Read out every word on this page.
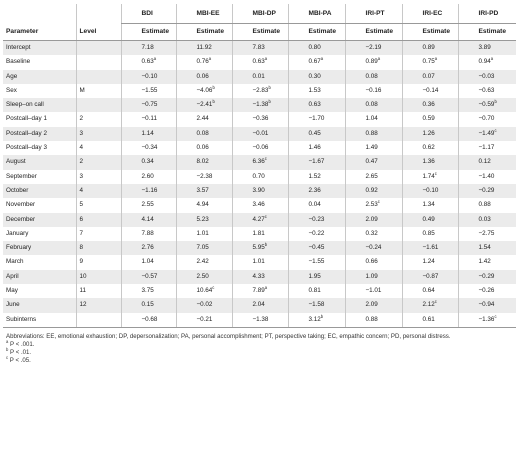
		BDI	MBI-EE	MBI-DP	MBI-PA	IRI-PT	IRI-EC	IRI-PD
Parameter	Level	Estimate	Estimate	Estimate	Estimate	Estimate	Estimate	Estimate
Intercept		7.18	11.92	7.83	0.80	−2.19	0.89	3.89
Baseline		0.63$^a$	0.76$^a$	0.63$^a$	0.67$^a$	0.89$^a$	0.75$^a$	0.94$^a$
Age		−0.10	0.06	0.01	0.30	0.08	0.07	−0.03
Sex	M	−1.55	−4.06$^b$	−2.83$^b$	1.53	−0.16	−0.14	−0.63
Sleep–on call		−0.75	−2.41$^b$	−1.38$^b$	0.63	0.08	0.36	−0.59$^b$
Postcall–day 1	2	−0.11	2.44	−0.36	−1.70	1.04	0.59	−0.70
Postcall–day 2	3	1.14	0.08	−0.01	0.45	0.88	1.26	−1.49$^c$
Postcall–day 3	4	−0.34	0.06	−0.06	1.46	1.49	0.62	−1.17
August	2	0.34	8.02	6.36$^c$	−1.67	0.47	1.36	0.12
September	3	2.60	−2.38	0.70	1.52	2.65	1.74$^c$	−1.40
October	4	−1.16	3.57	3.90	2.36	0.92	−0.10	−0.29
November	5	2.55	4.94	3.46	0.04	2.53$^c$	1.34	0.88
December	6	4.14	5.23	4.27$^c$	−0.23	2.09	0.49	0.03
January	7	7.88	1.01	1.81	−0.22	0.32	0.85	−2.75
February	8	2.76	7.05	5.95$^b$	−0.45	−0.24	−1.61	1.54
March	9	1.04	2.42	1.01	−1.55	0.66	1.24	1.42
April	10	−0.57	2.50	4.33	1.95	1.09	−0.87	−0.29
May	11	3.75	10.64$^c$	7.89$^a$	0.81	−1.01	0.64	−0.26
June	12	0.15	−0.02	2.04	−1.58	2.09	2.12$^c$	−0.94
Subinterns		−0.68	−0.21	−1.38	3.12$^b$	0.88	0.61	−1.36$^c$
Abbreviations: EE, emotional exhaustion; DP, depersonalization; PA, personal accomplishment; PT, perspective taking; EC, empathic concern; PD, personal distress.
$^a$ P < .001.
$^b$ P < .01.
$^c$ P < .05.
